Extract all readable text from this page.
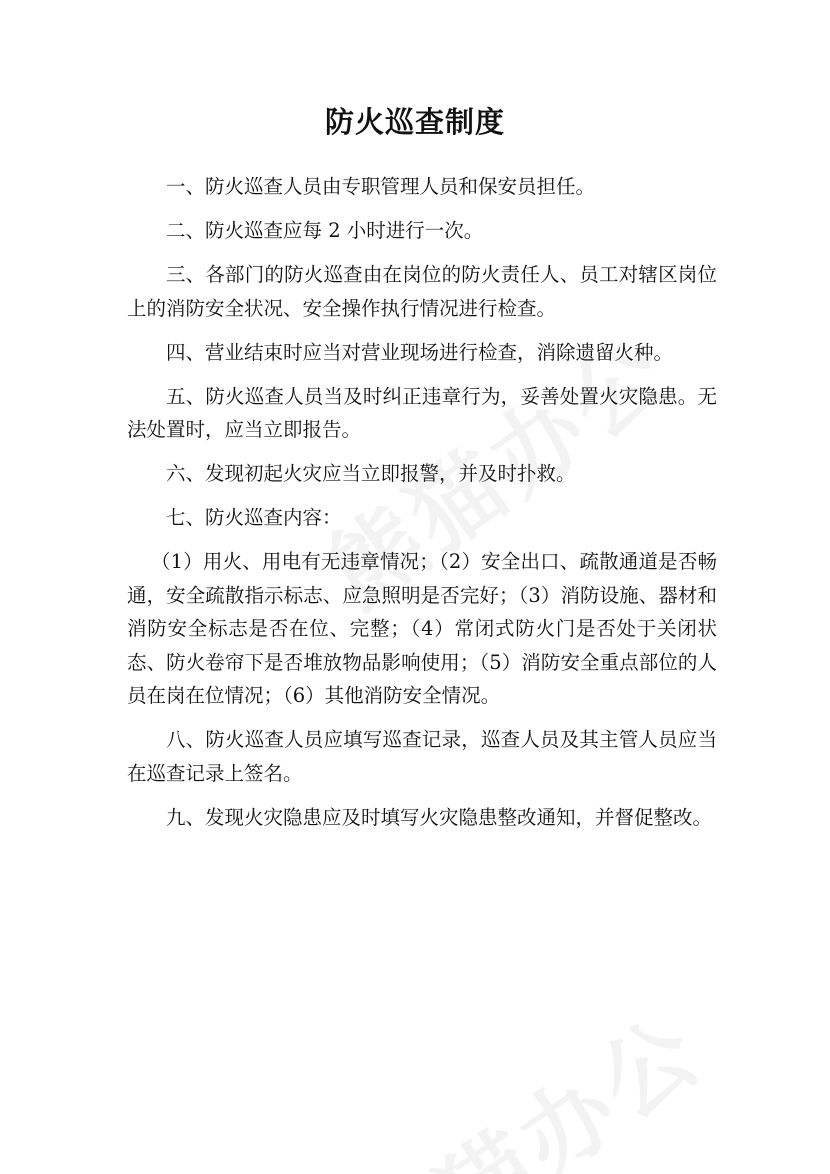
防火巡查制度

一、防火巡查人员由专职管理人员和保安员担任。

二、防火巡查应每 2 小时进行一次。

三、各部门的防火巡查由在岗位的防火责任人、员工对辖区岗位上的消防安全状况、安全操作执行情况进行检查。

四、营业结束时应当对营业现场进行检查，消除遗留火种。

五、防火巡查人员当及时纠正违章行为，妥善处置火灾隐患。无法处置时，应当立即报告。

六、发现初起火灾应当立即报警，并及时扑救。

七、防火巡查内容：

（1）用火、用电有无违章情况；（2）安全出口、疏散通道是否畅通，安全疏散指示标志、应急照明是否完好；（3）消防设施、器材和消防安全标志是否在位、完整；（4）常闭式防火门是否处于关闭状态、防火卷帘下是否堆放物品影响使用；（5）消防安全重点部位的人员在岗在位情况；（6）其他消防安全情况。

八、防火巡查人员应填写巡查记录，巡查人员及其主管人员应当在巡查记录上签名。

九、发现火灾隐患应及时填写火灾隐患整改通知，并督促整改。
